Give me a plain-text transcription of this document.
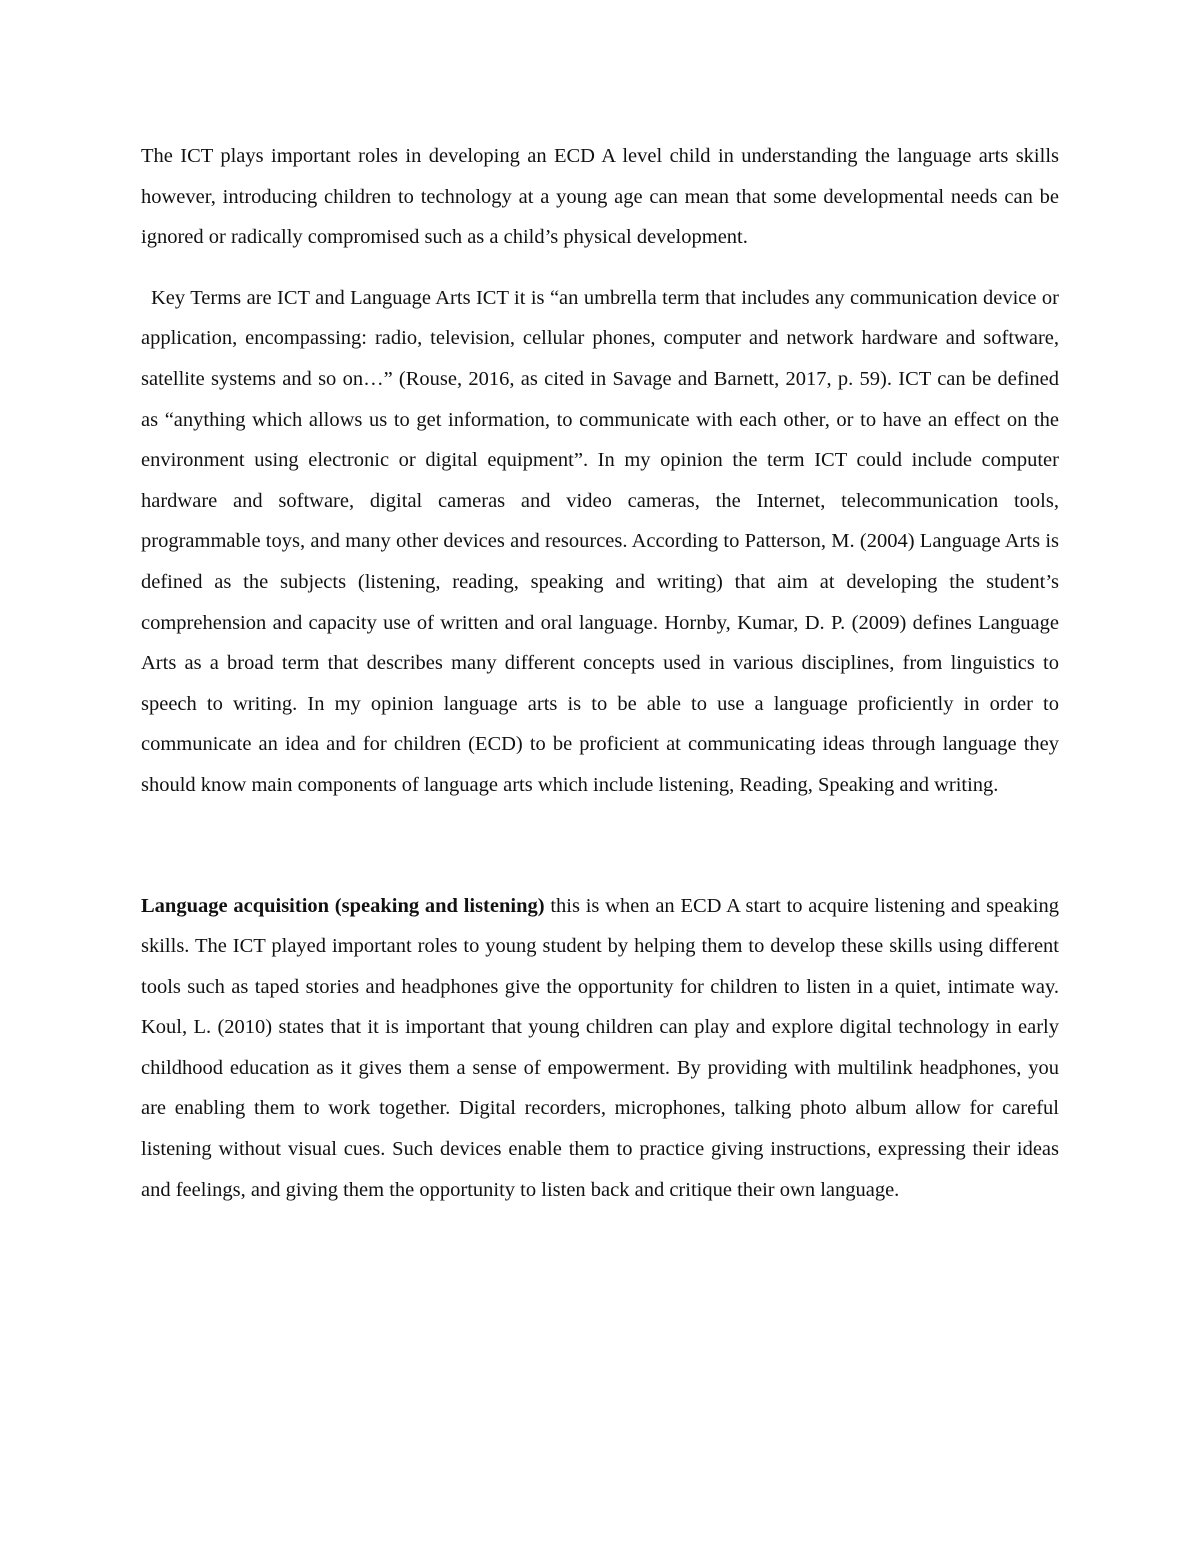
The ICT plays important roles in developing an ECD A level child in understanding the language arts skills however, introducing children to technology at a young age can mean that some developmental needs can be ignored or radically compromised such as a child’s physical development.

Key Terms are ICT and Language Arts ICT it is “an umbrella term that includes any communication device or application, encompassing: radio, television, cellular phones, computer and network hardware and software, satellite systems and so on…” (Rouse, 2016, as cited in Savage and Barnett, 2017, p. 59). ICT can be defined as “anything which allows us to get information, to communicate with each other, or to have an effect on the environment using electronic or digital equipment”. In my opinion the term ICT could include computer hardware and software, digital cameras and video cameras, the Internet, telecommunication tools, programmable toys, and many other devices and resources. According to Patterson, M. (2004) Language Arts is defined as the subjects (listening, reading, speaking and writing) that aim at developing the student’s comprehension and capacity use of written and oral language. Hornby, Kumar, D. P. (2009) defines Language Arts as a broad term that describes many different concepts used in various disciplines, from linguistics to speech to writing. In my opinion language arts is to be able to use a language proficiently in order to communicate an idea and for children (ECD) to be proficient at communicating ideas through language they should know main components of language arts which include listening, Reading, Speaking and writing.

Language acquisition (speaking and listening) this is when an ECD A start to acquire listening and speaking skills. The ICT played important roles to young student by helping them to develop these skills using different tools such as taped stories and headphones give the opportunity for children to listen in a quiet, intimate way. Koul, L. (2010) states that it is important that young children can play and explore digital technology in early childhood education as it gives them a sense of empowerment. By providing with multilink headphones, you are enabling them to work together. Digital recorders, microphones, talking photo album allow for careful listening without visual cues. Such devices enable them to practice giving instructions, expressing their ideas and feelings, and giving them the opportunity to listen back and critique their own language.
